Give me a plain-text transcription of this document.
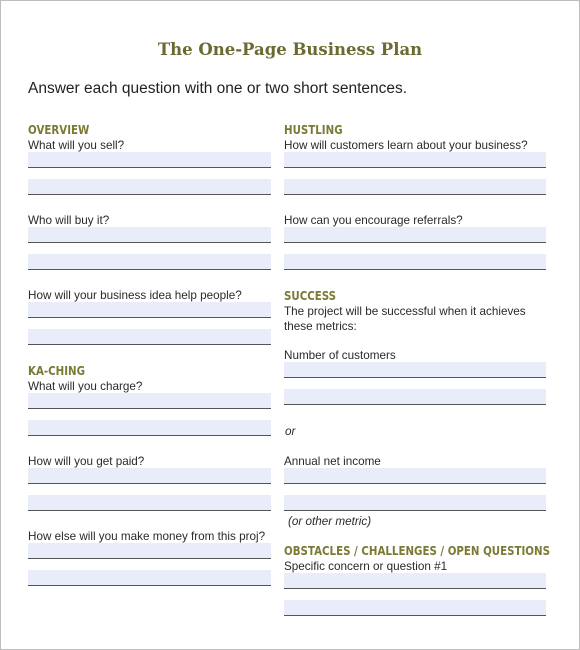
The One-Page Business Plan

Answer each question with one or two short sentences.

OVERVIEW
What will you sell?
Who will buy it?
How will your business idea help people?
KA-CHING
What will you charge?
How will you get paid?
How else will you make money from this proj?
HUSTLING
How will customers learn about your business?
How can you encourage referrals?
SUCCESS
The project will be successful when it achieves these metrics:
Number of customers
or
Annual net income
(or other metric)
OBSTACLES / CHALLENGES / OPEN QUESTIONS
Specific concern or question #1
